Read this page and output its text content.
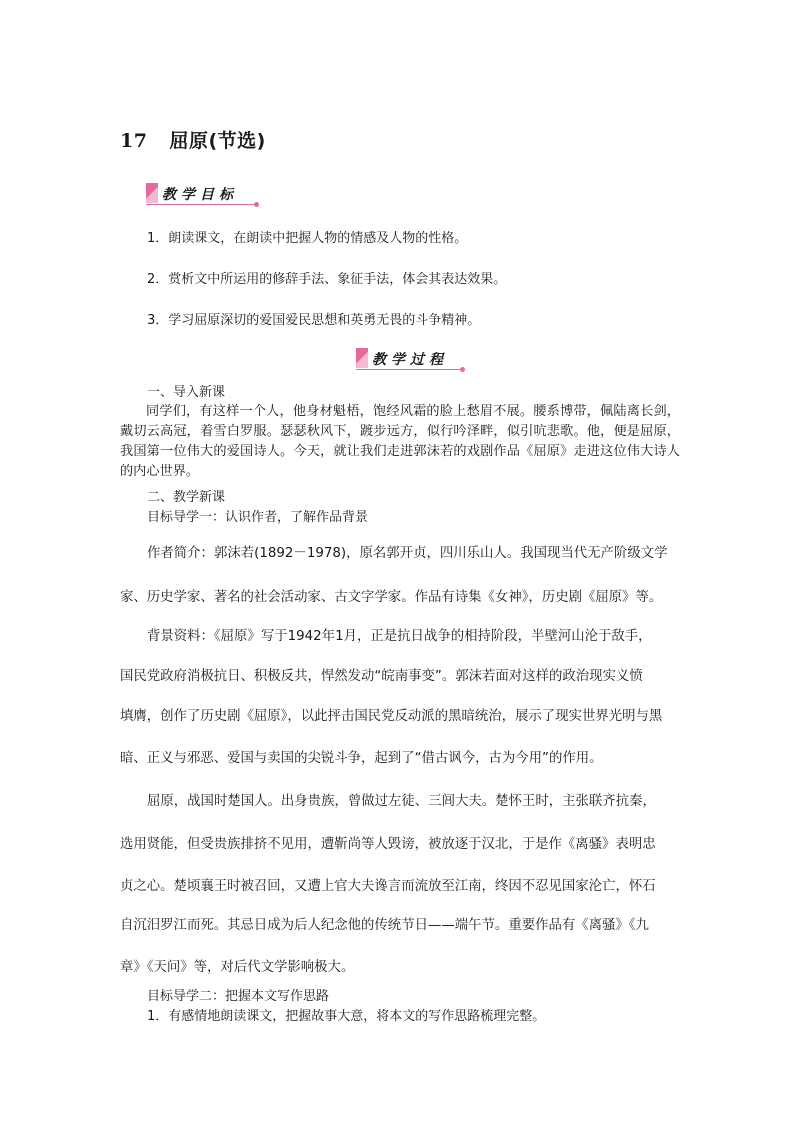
17 屈原(节选)
教学目标
1．朗读课文，在朗读中把握人物的情感及人物的性格。
2．赏析文中所运用的修辞手法、象征手法，体会其表达效果。
3．学习屈原深切的爱国爱民思想和英勇无畏的斗争精神。
教学过程
一、导入新课
同学们，有这样一个人，他身材魁梧，饱经风霜的脸上愁眉不展。腰系博带，佩陆离长剑，戴切云高冠，着雪白罗服。瑟瑟秋风下，踱步远方，似行吟泽畔，似引吭悲歌。他，便是屈原，我国第一位伟大的爱国诗人。今天，就让我们走进郭沫若的戏剧作品《屈原》走进这位伟大诗人的内心世界。
二、教学新课
目标导学一：认识作者，了解作品背景
作者简介：郭沫若(1892－1978)，原名郭开贞，四川乐山人。我国现当代无产阶级文学
家、历史学家、著名的社会活动家、古文字学家。作品有诗集《女神》，历史剧《屈原》等。
背景资料：《屈原》写于1942年1月，正是抗日战争的相持阶段，半壁河山沦于敌手，
国民党政府消极抗日、积极反共，悍然发动“皖南事变”。郭沫若面对这样的政治现实义愤
填膺，创作了历史剧《屈原》，以此抨击国民党反动派的黑暗统治，展示了现实世界光明与黑
暗、正义与邪恶、爱国与卖国的尖锐斗争，起到了“借古讽今，古为今用”的作用。
屈原，战国时楚国人。出身贵族，曾做过左徒、三闾大夫。楚怀王时，主张联齐抗秦，
选用贤能，但受贵族排挤不见用，遭靳尚等人毁谤，被放逐于汉北，于是作《离骚》表明忠
贞之心。楚顷襄王时被召回，又遭上官大夫谗言而流放至江南，终因不忍见国家沦亡，怀石
自沉汨罗江而死。其忌日成为后人纪念他的传统节日——端午节。重要作品有《离骚》《九
章》《天问》等，对后代文学影响极大。
目标导学二：把握本文写作思路
1．有感情地朗读课文，把握故事大意，将本文的写作思路梳理完整。
